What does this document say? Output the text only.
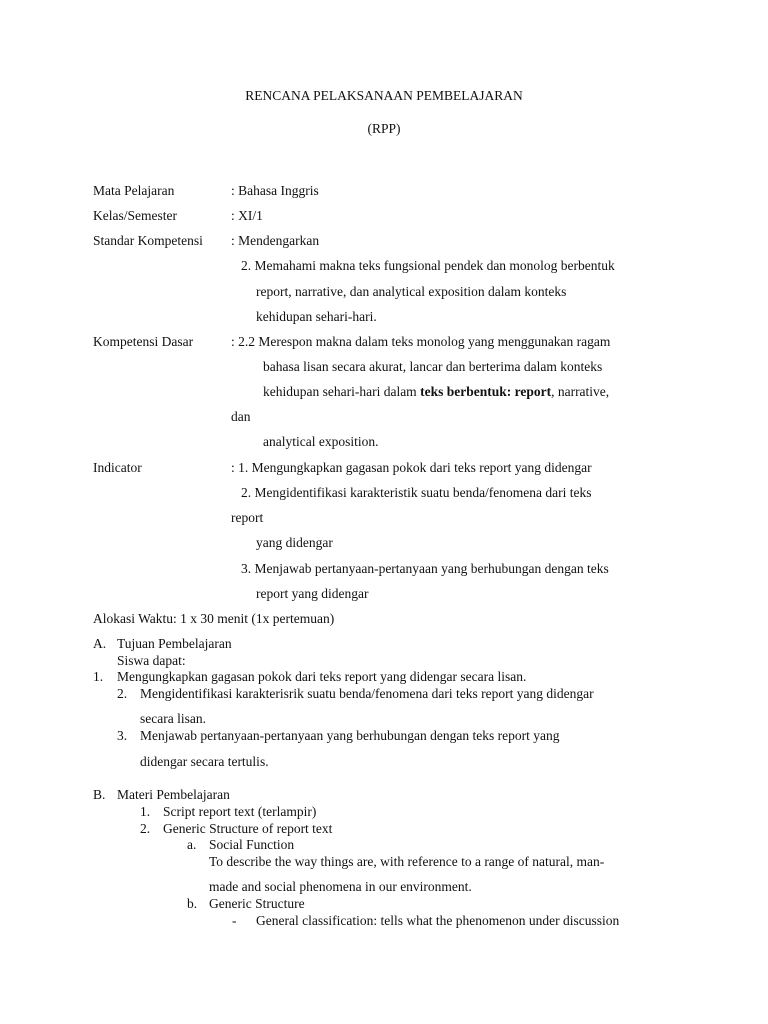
RENCANA PELAKSANAAN PEMBELAJARAN
(RPP)
Mata Pelajaran	: Bahasa Inggris
Kelas/Semester	: XI/1
Standar Kompetensi : Mendengarkan
2. Memahami makna teks fungsional pendek dan monolog berbentuk
report, narrative, dan analytical exposition dalam konteks
kehidupan sehari-hari.
Kompetensi Dasar	: 2.2 Merespon makna dalam teks monolog yang menggunakan ragam
bahasa lisan secara akurat, lancar dan berterima dalam konteks
kehidupan sehari-hari dalam teks berbentuk: report, narrative,
dan
analytical exposition.
Indicator	: 1. Mengungkapkan gagasan pokok dari teks report yang didengar
2. Mengidentifikasi karakteristik suatu benda/fenomena dari teks
report
yang didengar
3. Menjawab pertanyaan-pertanyaan yang berhubungan dengan teks
report yang didengar
Alokasi Waktu: 1 x 30 menit (1x pertemuan)
A. Tujuan Pembelajaran
Siswa dapat:
1. Mengungkapkan gagasan pokok dari teks report yang didengar secara lisan.
2. Mengidentifikasi karakterisrik suatu benda/fenomena dari teks report yang didengar
secara lisan.
3. Menjawab pertanyaan-pertanyaan yang berhubungan dengan teks report yang
didengar secara tertulis.
B. Materi Pembelajaran
1. Script report text (terlampir)
2. Generic Structure of report text
a. Social Function
To describe the way things are, with reference to a range of natural, man-
made and social phenomena in our environment.
b. Generic Structure
- General classification: tells what the phenomenon under discussion
